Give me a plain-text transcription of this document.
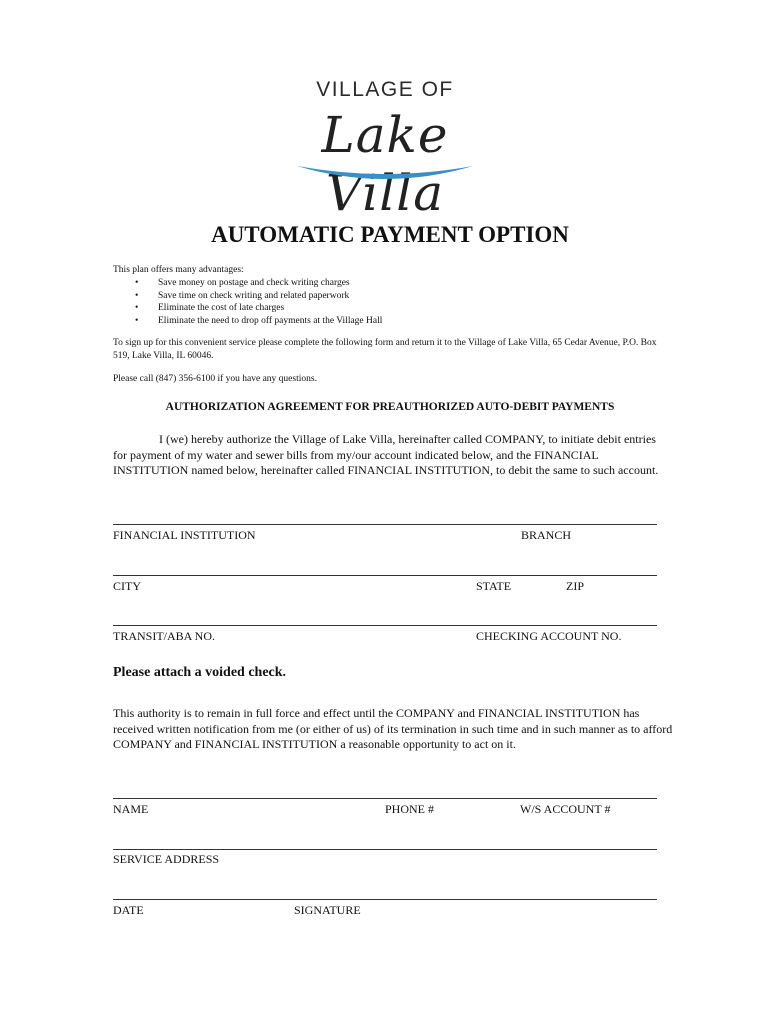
VILLAGE OF
Lake Villa
AUTOMATIC PAYMENT OPTION
This plan offers many advantages:
• Save money on postage and check writing charges
• Save time on check writing and related paperwork
• Eliminate the cost of late charges
• Eliminate the need to drop off payments at the Village Hall
To sign up for this convenient service please complete the following form and return it to the Village of Lake Villa, 65 Cedar Avenue, P.O. Box 519, Lake Villa, IL 60046.
Please call (847) 356-6100 if you have any questions.
AUTHORIZATION AGREEMENT FOR PREAUTHORIZED AUTO-DEBIT PAYMENTS
I (we) hereby authorize the Village of Lake Villa, hereinafter called COMPANY, to initiate debit entries for payment of my water and sewer bills from my/our account indicated below, and the FINANCIAL INSTITUTION named below, hereinafter called FINANCIAL INSTITUTION, to debit the same to such account.
FINANCIAL INSTITUTION	BRANCH
CITY	STATE	ZIP
TRANSIT/ABA NO.	CHECKING ACCOUNT NO.
Please attach a voided check.
This authority is to remain in full force and effect until the COMPANY and FINANCIAL INSTITUTION has received written notification from me (or either of us) of its termination in such time and in such manner as to afford COMPANY and FINANCIAL INSTITUTION a reasonable opportunity to act on it.
NAME	PHONE #	W/S ACCOUNT #
SERVICE ADDRESS
DATE	SIGNATURE
